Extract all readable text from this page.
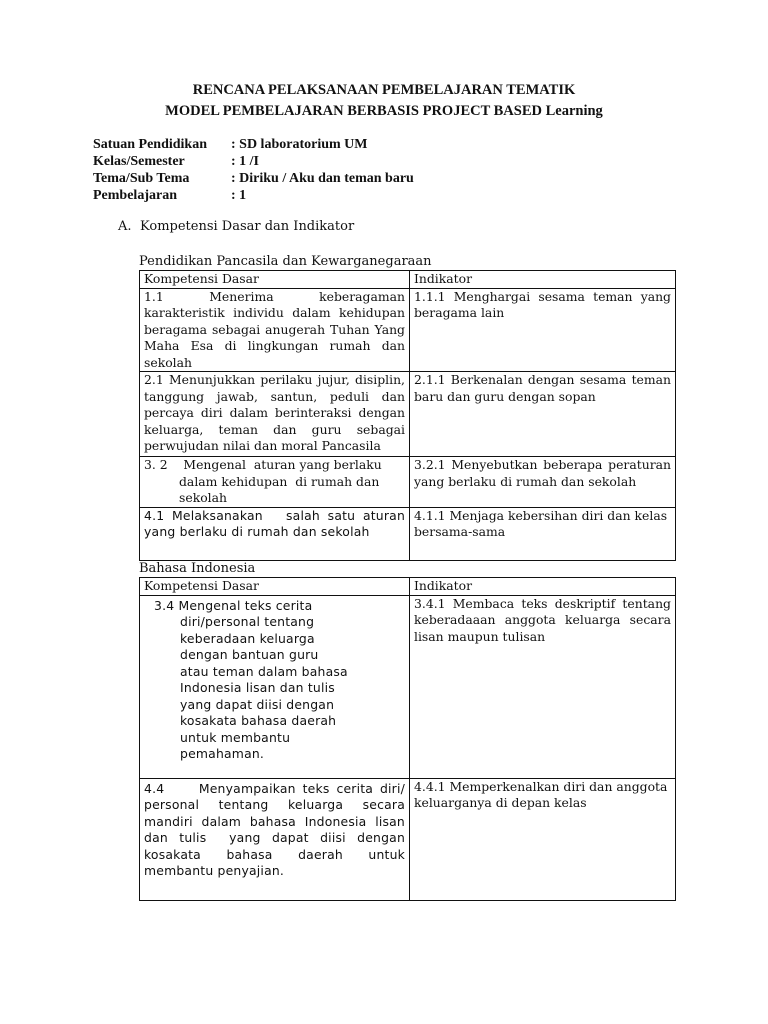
RENCANA PELAKSANAAN PEMBELAJARAN TEMATIK
MODEL PEMBELAJARAN BERBASIS PROJECT BASED Learning
Satuan Pendidikan	: SD laboratorium UM
Kelas/Semester	: 1 /I
Tema/Sub Tema	: Diriku / Aku dan teman baru
Pembelajaran	: 1
A. Kompetensi Dasar dan Indikator
Pendidikan Pancasila dan Kewarganegaraan
Kompetensi Dasar	Indikator
1.1 Menerima keberagaman karakteristik individu dalam kehidupan beragama sebagai anugerah Tuhan Yang Maha Esa di lingkungan rumah dan sekolah	1.1.1 Menghargai sesama teman yang beragama lain
2.1 Menunjukkan perilaku jujur, disiplin, tanggung jawab, santun, peduli dan percaya diri dalam berinteraksi dengan keluarga, teman dan guru sebagai perwujudan nilai dan moral Pancasila	2.1.1 Berkenalan dengan sesama teman baru dan guru dengan sopan
3. 2    Mengenal  aturan yang berlaku dalam kehidupan  di rumah dan sekolah	3.2.1 Menyebutkan beberapa peraturan yang berlaku di rumah dan sekolah
4.1 Melaksanakan   salah satu aturan yang berlaku di rumah dan sekolah	4.1.1 Menjaga kebersihan diri dan kelas bersama-sama
Bahasa Indonesia
Kompetensi Dasar	Indikator

3.4 Mengenal teks cerita diri/personal tentang keberadaan keluarga dengan bantuan guru atau teman dalam bahasa Indonesia lisan dan tulis yang dapat diisi dengan kosakata bahasa daerah untuk membantu pemahaman.	3.4.1 Membaca teks deskriptif tentang keberadaaan anggota keluarga secara lisan maupun tulisan
4.4     Menyampaikan teks cerita diri/ personal tentang keluarga secara mandiri dalam bahasa Indonesia lisan dan tulis  yang dapat diisi dengan kosakata bahasa daerah untuk membantu penyajian.	4.4.1 Memperkenalkan diri dan anggota keluarganya di depan kelas
